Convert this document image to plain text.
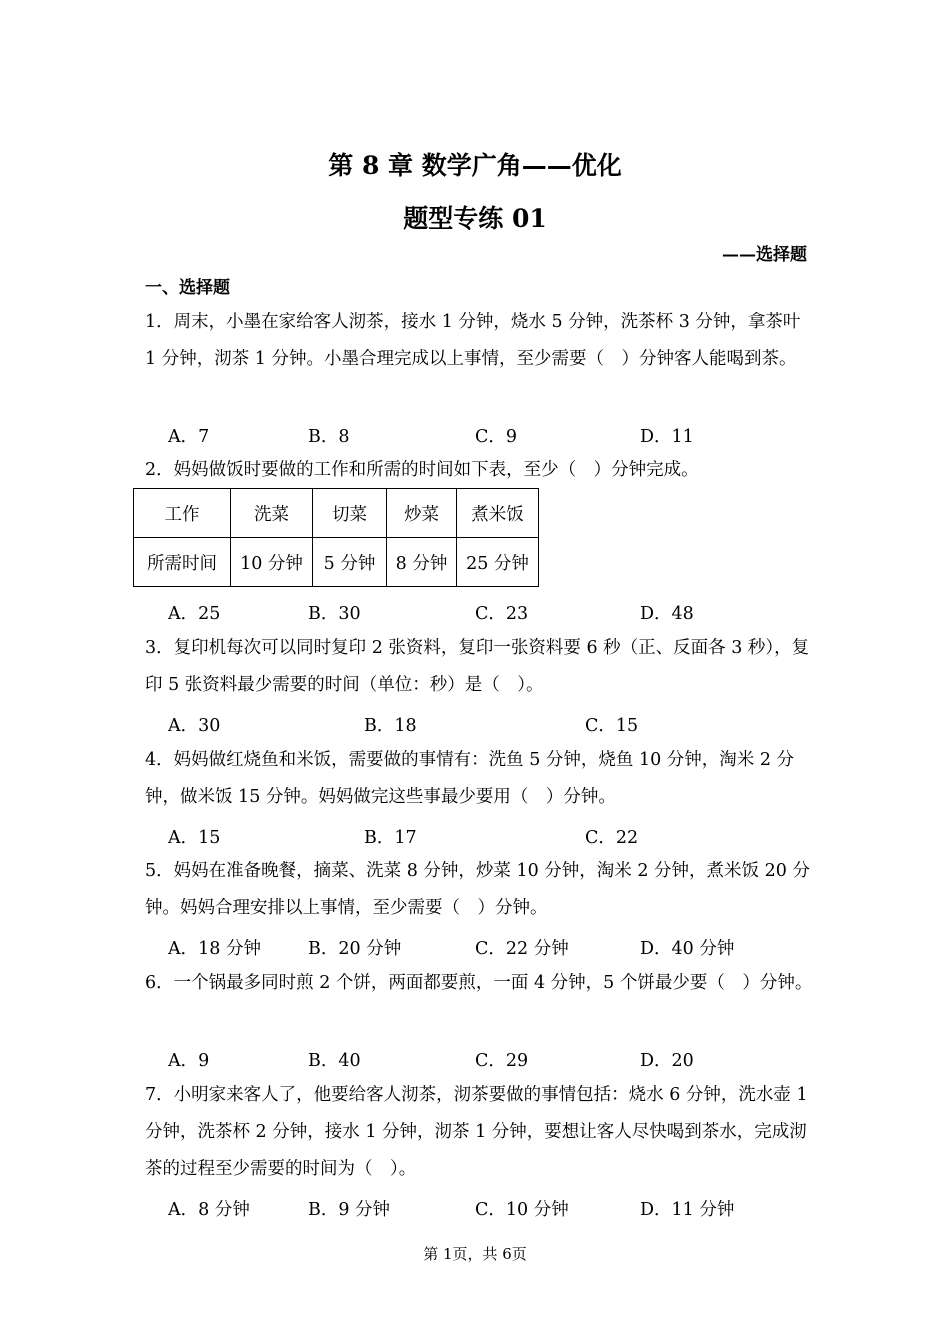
第 8 章 数学广角——优化
题型专练 01
——选择题
一、选择题
1．周末，小墨在家给客人沏茶，接水 1 分钟，烧水 5 分钟，洗茶杯 3 分钟，拿茶叶 1 分钟，沏茶 1 分钟。小墨合理完成以上事情，至少需要（　）分钟客人能喝到茶。
A．7	B．8	C．9	D．11
2．妈妈做饭时要做的工作和所需的时间如下表，至少（　）分钟完成。
工作	洗菜	切菜	炒菜	煮米饭
所需时间	10 分钟	5 分钟	8 分钟	25 分钟
A．25	B．30	C．23	D．48
3．复印机每次可以同时复印 2 张资料，复印一张资料要 6 秒（正、反面各 3 秒），复印 5 张资料最少需要的时间（单位：秒）是（　）。
A．30	B．18	C．15
4．妈妈做红烧鱼和米饭，需要做的事情有：洗鱼 5 分钟，烧鱼 10 分钟，淘米 2 分钟，做米饭 15 分钟。妈妈做完这些事最少要用（　）分钟。
A．15	B．17	C．22
5．妈妈在准备晚餐，摘菜、洗菜 8 分钟，炒菜 10 分钟，淘米 2 分钟，煮米饭 20 分钟。妈妈合理安排以上事情，至少需要（　）分钟。
A．18 分钟	B．20 分钟	C．22 分钟	D．40 分钟
6．一个锅最多同时煎 2 个饼，两面都要煎，一面 4 分钟，5 个饼最少要（　）分钟。
A．9	B．40	C．29	D．20
7．小明家来客人了，他要给客人沏茶，沏茶要做的事情包括：烧水 6 分钟，洗水壶 1 分钟，洗茶杯 2 分钟，接水 1 分钟，沏茶 1 分钟，要想让客人尽快喝到茶水，完成沏茶的过程至少需要的时间为（　）。
A．8 分钟	B．9 分钟	C．10 分钟	D．11 分钟
第 1页，共 6页
